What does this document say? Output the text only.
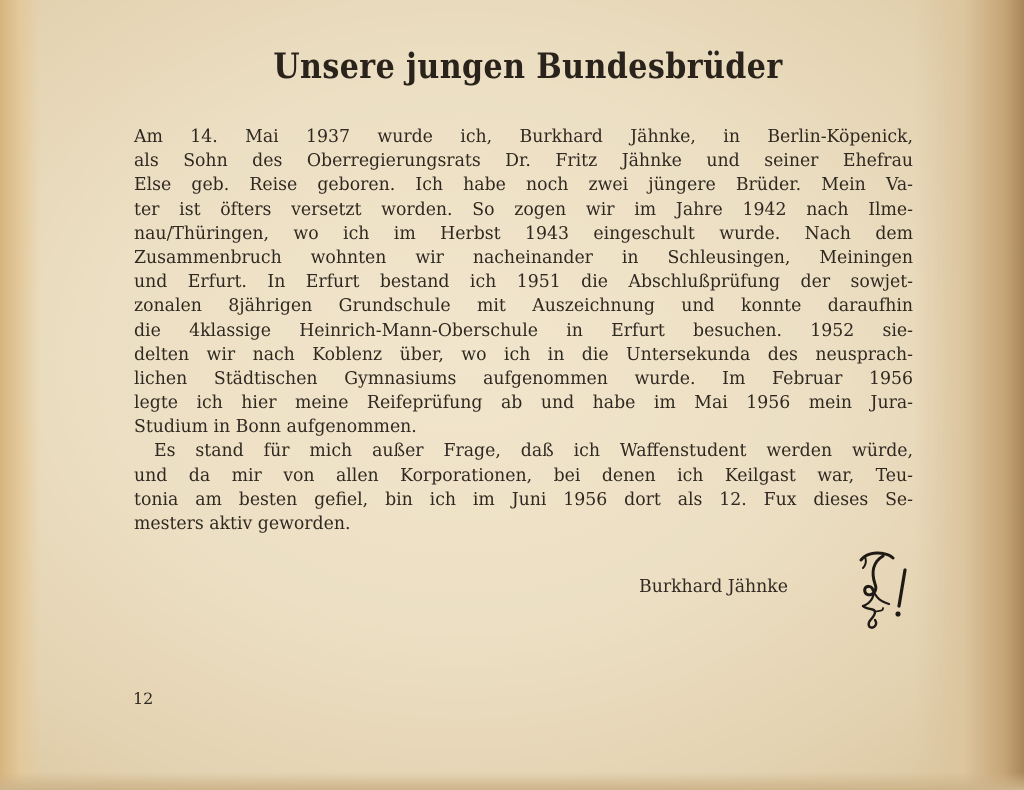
Unsere jungen Bundesbrüder
Am 14. Mai 1937 wurde ich, Burkhard Jähnke, in Berlin-Köpenick,
als Sohn des Oberregierungsrats Dr. Fritz Jähnke und seiner Ehefrau
Else geb. Reise geboren. Ich habe noch zwei jüngere Brüder. Mein Va-
ter ist öfters versetzt worden. So zogen wir im Jahre 1942 nach Ilme-
nau/Thüringen, wo ich im Herbst 1943 eingeschult wurde. Nach dem
Zusammenbruch wohnten wir nacheinander in Schleusingen, Meiningen
und Erfurt. In Erfurt bestand ich 1951 die Abschlußprüfung der sowjet-
zonalen 8jährigen Grundschule mit Auszeichnung und konnte daraufhin
die 4klassige Heinrich-Mann-Oberschule in Erfurt besuchen. 1952 sie-
delten wir nach Koblenz über, wo ich in die Untersekunda des neusprach-
lichen Städtischen Gymnasiums aufgenommen wurde. Im Februar 1956
legte ich hier meine Reifeprüfung ab und habe im Mai 1956 mein Jura-
Studium in Bonn aufgenommen.
Es stand für mich außer Frage, daß ich Waffenstudent werden würde,
und da mir von allen Korporationen, bei denen ich Keilgast war, Teu-
tonia am besten gefiel, bin ich im Juni 1956 dort als 12. Fux dieses Se-
mesters aktiv geworden.
Burkhard Jähnke
12
